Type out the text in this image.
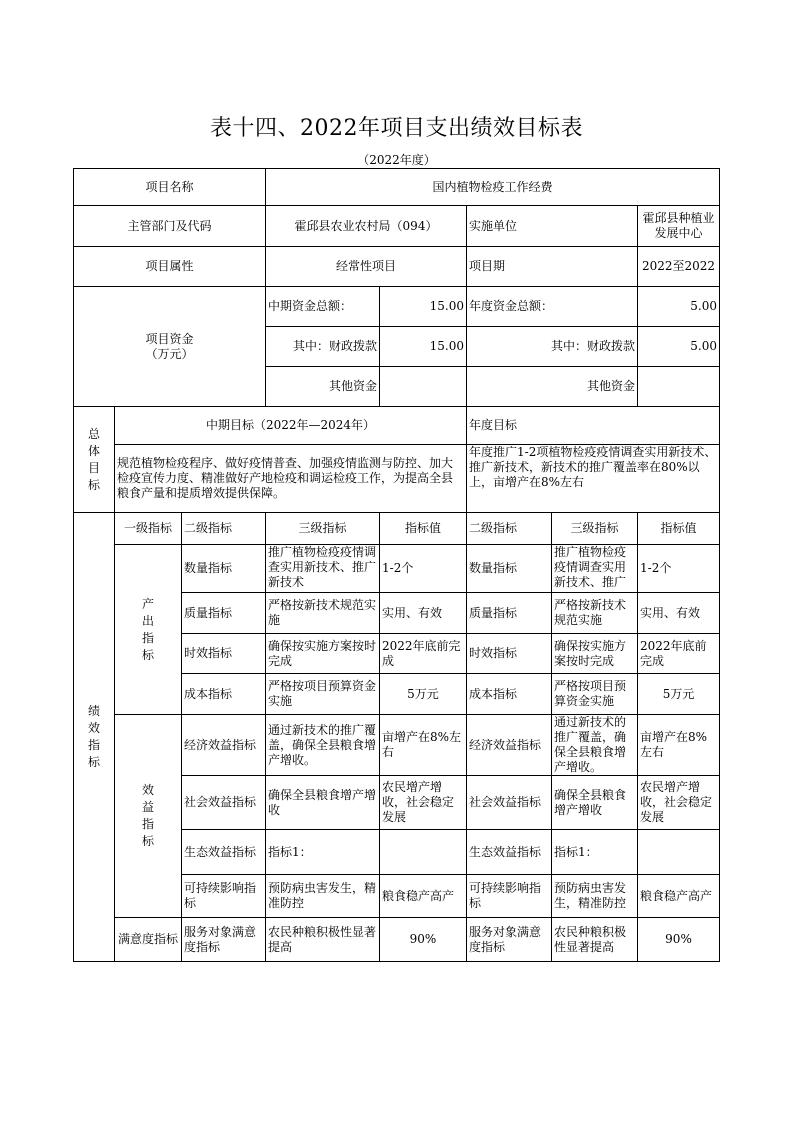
表十四、2022年项目支出绩效目标表
（2022年度）
项目名称			国内植物检疫工作经费				
主管部门及代码			霍邱县农业农村局（094）		实施单位		霍邱县种植业发展中心
项目属性			经常性项目		项目期		2022至2022

项目资金
（万元）			中期资金总额：	15.00	年度资金总额：		5.00
			其中：财政拨款	15.00	其中：财政拨款		5.00
			其他资金		其他资金		

总
体
目
标	中期目标（2022年—2024年）				年度目标		
	规范植物检疫程序、做好疫情普查、加强疫情监测与防控、加大检疫宣传力度、精准做好产地检疫和调运检疫工作，为提高全县粮食产量和提质增效提供保障。				年度推广1-2项植物检疫疫情调查实用新技术、推广新技术，新技术的推广覆盖率在80%以上，亩增产在8%左右		

绩
效
指
标	一级指标	二级指标	三级指标	指标值	二级指标	三级指标	指标值

	产
出
指
标	数量指标	推广植物检疫疫情调查实用新技术、推广新技术	1-2个	数量指标	推广植物检疫疫情调查实用新技术、推广	1-2个
		质量指标	严格按新技术规范实施	实用、有效	质量指标	严格按新技术规范实施	实用、有效
		时效指标	确保按实施方案按时完成	2022年底前完成	时效指标	确保按实施方案按时完成	2022年底前完成
		成本指标	严格按项目预算资金实施	5万元	成本指标	严格按项目预算资金实施	5万元

	效
益
指
标	经济效益指标	通过新技术的推广覆盖，确保全县粮食增产增收。	亩增产在8%左右	经济效益指标	通过新技术的推广覆盖，确保全县粮食增产增收。	亩增产在8%左右
		社会效益指标	确保全县粮食增产增收	农民增产增收，社会稳定发展	社会效益指标	确保全县粮食增产增收	农民增产增收，社会稳定发展
		生态效益指标	指标1：		生态效益指标	指标1：	
		可持续影响指标	预防病虫害发生，精准防控	粮食稳产高产	可持续影响指标	预防病虫害发生，精准防控	粮食稳产高产
	满意度指标	服务对象满意度指标	农民种粮积极性显著提高	90%	服务对象满意度指标	农民种粮积极性显著提高	90%
